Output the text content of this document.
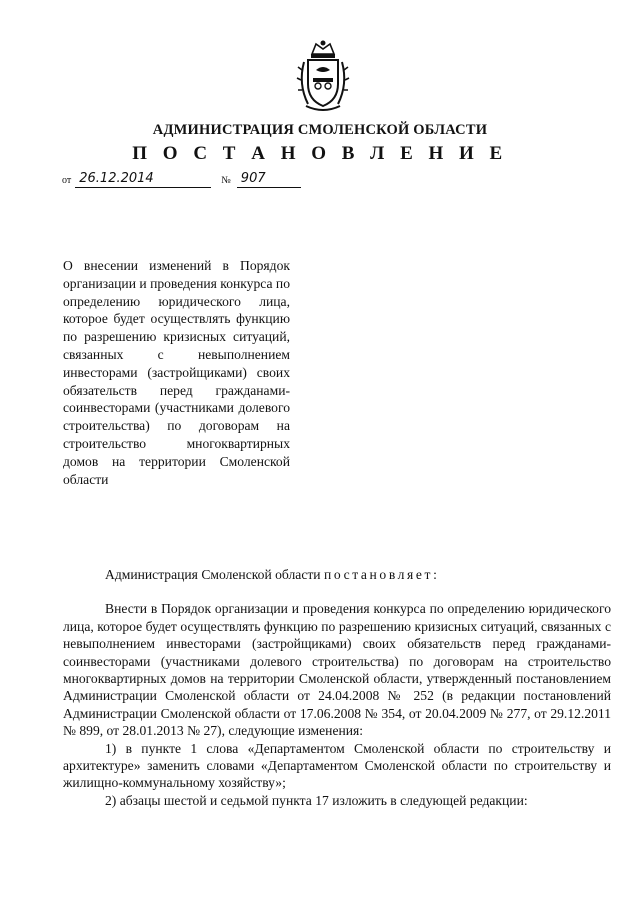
АДМИНИСТРАЦИЯ СМОЛЕНСКОЙ ОБЛАСТИ
П О С Т А Н О В Л Е Н И Е
от 26.12.2014	№ 907

О внесении изменений в Порядок организации и проведения конкурса по определению юридического лица, которое будет осуществлять функцию по разрешению кризисных ситуаций, связанных с невыполнением инвесторами (застройщиками) своих обязательств перед гражданами-соинвесторами (участниками долевого строительства) по договорам на строительство многоквартирных домов на территории Смоленской области

Администрация Смоленской области постановляет:

Внести в Порядок организации и проведения конкурса по определению юридического лица, которое будет осуществлять функцию по разрешению кризисных ситуаций, связанных с невыполнением инвесторами (застройщиками) своих обязательств перед гражданами-соинвесторами (участниками долевого строительства) по договорам на строительство многоквартирных домов на территории Смоленской области, утвержденный постановлением Администрации Смоленской области от 24.04.2008 № 252 (в редакции постановлений Администрации Смоленской области от 17.06.2008 № 354, от 20.04.2009 № 277, от 29.12.2011 № 899, от 28.01.2013 № 27), следующие изменения:

1) в пункте 1 слова «Департаментом Смоленской области по строительству и архитектуре» заменить словами «Департаментом Смоленской области по строительству и жилищно-коммунальному хозяйству»;

2) абзацы шестой и седьмой пункта 17 изложить в следующей редакции:
